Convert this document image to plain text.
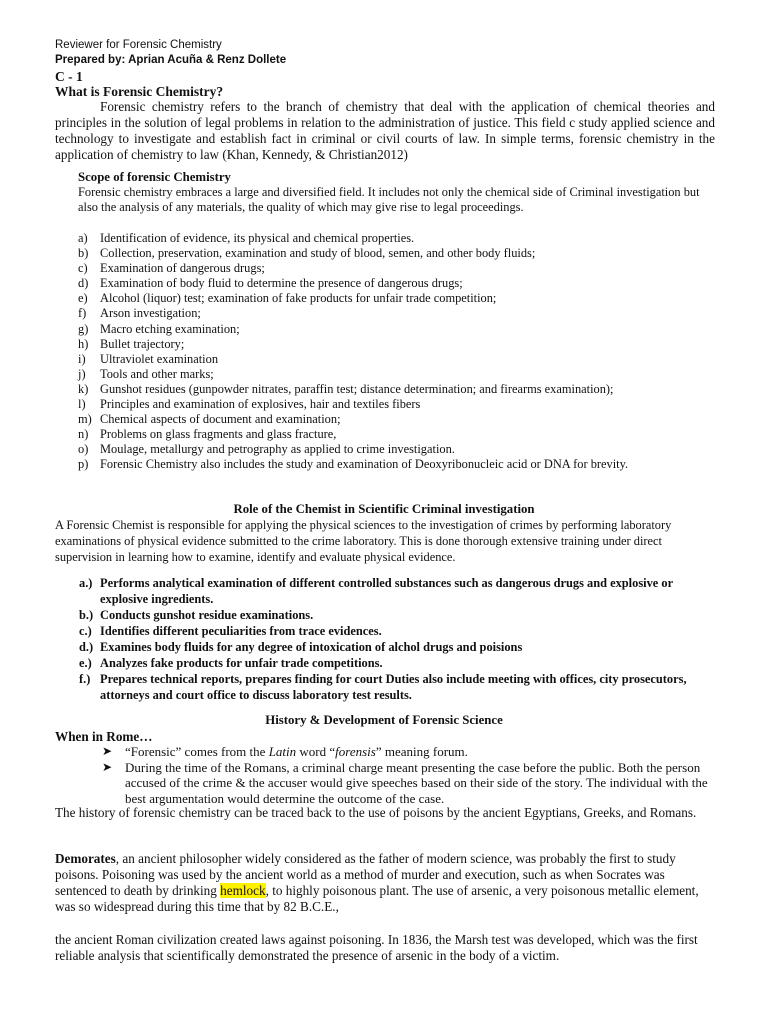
Reviewer for Forensic Chemistry
Prepared by: Aprian Acuña & Renz Dollete
C - 1
What is Forensic Chemistry?

Forensic chemistry refers to the branch of chemistry that deal with the application of chemical theories and principles in the solution of legal problems in relation to the administration of justice. This field c study applied science and technology to investigate and establish fact in criminal or civil courts of law. In simple terms, forensic chemistry in the application of chemistry to law (Khan, Kennedy, & Christian2012)

Scope of forensic Chemistry

Forensic chemistry embraces a large and diversified field. It includes not only the chemical side of Criminal investigation but also the analysis of any materials, the quality of which may give rise to legal proceedings.

a) Identification of evidence, its physical and chemical properties.
b) Collection, preservation, examination and study of blood, semen, and other body fluids;
c) Examination of dangerous drugs;
d) Examination of body fluid to determine the presence of dangerous drugs;
e) Alcohol (liquor) test; examination of fake products for unfair trade competition;
f) Arson investigation;
g) Macro etching examination;
h) Bullet trajectory;
i) Ultraviolet examination
j) Tools and other marks;
k) Gunshot residues (gunpowder nitrates, paraffin test; distance determination; and firearms examination);
l) Principles and examination of explosives, hair and textiles fibers
m) Chemical aspects of document and examination;
n) Problems on glass fragments and glass fracture,
o) Moulage, metallurgy and petrography as applied to crime investigation.
p) Forensic Chemistry also includes the study and examination of Deoxyribonucleic acid or DNA for brevity.
Role of the Chemist in Scientific Criminal investigation

A Forensic Chemist is responsible for applying the physical sciences to the investigation of crimes by performing laboratory examinations of physical evidence submitted to the crime laboratory. This is done thorough extensive training under direct supervision in learning how to examine, identify and evaluate physical evidence.

a.) Performs analytical examination of different controlled substances such as dangerous drugs and explosive or explosive ingredients.
b.) Conducts gunshot residue examinations.
c.) Identifies different peculiarities from trace evidences.
d.) Examines body fluids for any degree of intoxication of alchol drugs and poisions
e.) Analyzes fake products for unfair trade competitions.
f.) Prepares technical reports, prepares finding for court Duties also include meeting with offices, city prosecutors, attorneys and court office to discuss laboratory test results.
History & Development of Forensic Science
When in Rome…
➤ “Forensic” comes from the Latin word “forensis” meaning forum.
➤ During the time of the Romans, a criminal charge meant presenting the case before the public. Both the person accused of the crime & the accuser would give speeches based on their side of the story. The individual with the best argumentation would determine the outcome of the case.

The history of forensic chemistry can be traced back to the use of poisons by the ancient Egyptians, Greeks, and Romans.

Demorates, an ancient philosopher widely considered as the father of modern science, was probably the first to study poisons. Poisoning was used by the ancient world as a method of murder and execution, such as when Socrates was sentenced to death by drinking hemlock, to highly poisonous plant. The use of arsenic, a very poisonous metallic element, was so widespread during this time that by 82 B.C.E.,

the ancient Roman civilization created laws against poisoning. In 1836, the Marsh test was developed, which was the first reliable analysis that scientifically demonstrated the presence of arsenic in the body of a victim.
